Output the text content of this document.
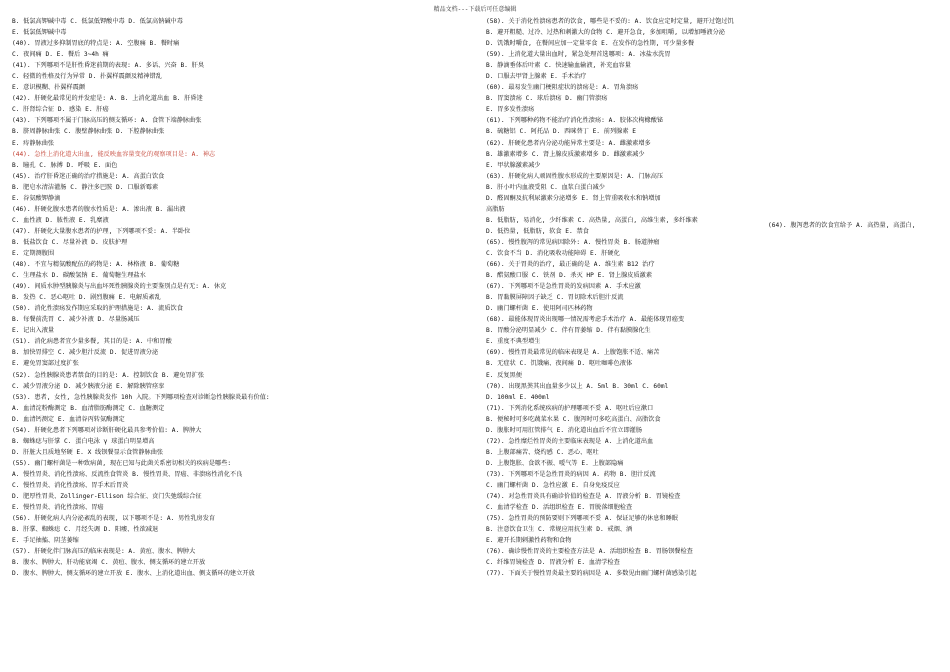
精品文档---下载后可任意编辑
B. 低氯高钾碱中毒 C. 低氯低钾酸中毒 D. 低氯高钠碱中毒
E. 低氯低钾碱中毒
(40). 胃液过多抑制胃底的特点是: A. 空腹痛 B. 餐时痛
C. 夜间痛 D. E. 餐后 3~4h 痛
(41). 下列哪项不是肝性昏迷前期的表现: A. 多话、兴奋 B. 肝臭
C. 轻微的性格及行为异常 D. 扑翼样震颤及精神错乱
E. 意识模糊、扑翼样震颤
(42). 肝硬化最常见的并发症是: A. B. 上消化道出血 B. 肝昏迷
C. 肝肾综合征 D. 感染 E. 肝癌
(43). 下列哪项不属于门脉高压的侧支循环: A. 食管下端静脉曲张
B. 脐周静脉曲张 C. 腹壁静脉曲张 D. 下腔静脉曲张
E. 痔静脉曲张
(44). 急性上消化道大出血, 能反映血容量变化的观察项目是: A. 神志
B. 瞳孔 C. 脉搏 D. 呼吸 E. 面色
(45). 治疗肝昏迷正确的治疗措施是: A. 高蛋白饮食
B. 肥皂水清洁灌肠 C. 静注多巴胺 D. 口服新霉素
E. 谷氨酸钾静滴
(46). 肝硬化腹水患者的腹水性质是: A. 渗出液 B. 漏出液
C. 血性液 D. 脓性液 E. 乳糜液
(47). 肝硬化大量腹水患者的护理, 下列哪项不妥: A. 半卧位
B. 低盐饮食 C. 尽量补液 D. 皮肤护理
E. 定期测腹围
(48). 不宜与精氨酸配伍的药物是: A. 林格液 B. 葡萄糖
C. 生理盐水 D. 碳酸氢钠 E. 葡萄糖生理盐水
(49). 间质水肿型胰腺炎与出血坏死性胰腺炎的主要鉴别点是有无: A. 休克
B. 发热 C. 恶心呕吐 D. 剧烈腹痛 E. 电解质紊乱
(50). 消化性溃疡发作期应采取的护理措施是: A. 流质饮食
B. 每餐前洗胃 C. 减少补液 D. 尽量肠减压
E. 记出入液量
(51). 消化病患者宜少量多餐, 其目的是: A. 中和胃酸
B. 加快胃排空 C. 减少胆汁反流 D. 促进胃液分泌
E. 避免胃窦部过度扩张
(52). 急性胰腺炎患者禁食的目的是: A. 控制饮食 B. 避免胃扩张
C. 减少胃液分泌 D. 减少胰液分泌 E. 解除胰管痉挛
(53). 患者, 女性, 急性胰腺炎发作 10h 入院。下列哪项检查对诊断急性胰腺炎最有价值:
A. 血清淀粉酶测定 B. 血清脂肪酶测定 C. 血糖测定
D. 血清钙测定 E. 血清谷丙转氨酶测定
(54). 肝硬化患者下列哪项对诊断肝硬化最具参考价值: A. 脾肿大
B. 蜘蛛痣与肝掌 C. 蛋白电泳 γ 球蛋白明显增高
D. 肝脏大且质地坚硬 E. X 线钡餐显示食管静脉曲张
(55). 幽门螺杆菌是一种致病菌, 现在已知与此菌关系密切相关的疾病是哪些:
A. 慢性胃炎、消化性溃疡、反流性食管炎 B. 慢性胃炎、胃癌、非溃疡性消化不良
C. 慢性胃炎、消化性溃疡、胃手术后胃炎
D. 肥厚性胃炎、Zollinger-Ellison 综合征、贲门失弛缓综合征
E. 慢性胃炎、消化性溃疡、胃癌
(56). 肝硬化病人内分泌紊乱的表现, 以下哪项不是: A. 男性乳房发育
B. 肝掌、蜘蛛痣 C. 月经失调 D. 阳痿、性欲减退
E. 手足抽搐、阴茎萎缩
(57). 肝硬化伴门脉高压的临床表现是: A. 黄疸、腹水、脾肿大
B. 腹水、脾肿大、肝功能衰竭 C. 黄疸、腹水、侧支循环的建立开放
D. 腹水、脾肿大、侧支循环的建立开放 E. 腹水、上消化道出血、侧支循环的建立开放
(58). 关于消化性溃疡患者的饮食, 哪些是不妥的: A. 饮食应定时定量, 避开过饱过饥
B. 避开粗糙、过冷、过热和刺激大的食物 C. 避开急食, 多加咀嚼, 以增加唾液分泌
D. 饥饿时嚼食, 在餐间应加一定量零食 E. 在发作的急性期, 可少量多餐
(59). 上消化道大量出血时, 紧急处理首选哪项: A. 冰盐水洗胃
B. 静滴垂体后叶素 C. 快速输血输液, 补充血容量
D. 口服去甲肾上腺素 E. 手术治疗
(60). 最易发生幽门梗阻症状的溃疡是: A. 胃角溃疡
B. 胃窦溃疡 C. 球后溃疡 D. 幽门管溃疡
E. 胃多发性溃疡
(61). 下列哪种药物不能治疗消化性溃疡: A. 胶体次枸橼酸铋
B. 硫糖铝 C. 阿托品 D. 西咪替丁 E. 前列腺素 E
(62). 肝硬化患者内分泌功能异常主要是: A. 雌激素增多
B. 雄激素增多 C. 肾上腺皮质激素增多 D. 雌激素减少
E. 甲状腺激素减少
(63). 肝硬化病人顽固性腹水形成的主要原因是: A. 门脉高压
B. 肝小叶内血液受阻 C. 血浆白蛋白减少
D. 醛固酮及抗利尿激素分泌增多 E. 肾上管重吸收水和钠增加
高脂肪
B. 低脂肪, 易消化, 少纤维素 C. 高热量, 高蛋白, 高维生素, 多纤维素
D. 低热量, 低脂肪, 软食 E. 禁食
(65). 慢性腹泻的常见病因除外: A. 慢性胃炎 B. 肠道肿瘤
C. 饮食不当 D. 消化吸收功能障碍 E. 肝硬化
(66). 关于胃炎的治疗, 最正确的是 A. 维生素 B12 治疗
B. 醋氨酸口服 C. 铁剂 D. 杀灭 HP E. 肾上腺皮质激素
(67). 下列哪项不是急性胃炎的发病因素 A. 手术应激
B. 胃黏膜屏障因子缺乏 C. 胃切除术后胆汁反流
D. 幽门螺杆菌 E. 使用阿司匹林药物
(68). 最能体现胃炎出现哪一情况需考虑手术治疗 A. 最能体现胃癌变
B. 胃酸分泌明显减少 C. 伴有胃萎缩 D. 伴有黏膜腺化生
E. 重度不典型增生
(69). 慢性胃炎最常见的临床表现是 A. 上腹饱胀不适、痛苦
B. 无症状 C. 饥饿痛、夜间痛 D. 呕吐咖啡色液体
E. 反复黑便
(70). 出现黑粪其出血量多少以上 A. 5ml B. 30ml C. 60ml
D. 100ml E. 400ml
(71). 下列消化系统疾病的护理哪项不妥 A. 呕吐后应漱口
B. 便秘时可多吃蔬菜水果 C. 腹泻时可多吃高蛋白、高脂饮食
D. 腹胀时可用肛管排气 E. 消化道出血后不宜立即灌肠
(72). 急性糜烂性胃炎的主要临床表现是 A. 上消化道出血
B. 上腹部痛苦、烧灼感 C. 恶心、呕吐
D. 上腹饱胀、食欲不振、嗳气等 E. 上腹部隐痛
(73). 下列哪项不是急性胃炎的病因 A. 药物 B. 胆汁反流
C. 幽门螺杆菌 D. 急性应激 E. 自身免疫反应
(74). 对急性胃炎具有确诊价值的检查是 A. 胃液分析 B. 胃镜检查
C. 血清学检查 D. 活组织检查 E. 胃脱落细胞检查
(75). 急性胃炎的预防要则下列哪项不妥 A. 保证足够的休息和睡眠
B. 注意饮食卫生 C. 常规应用抗生素 D. 戒烟、酒
E. 避开长期刺激性药物和食物
(76). 确诊慢性胃炎的主要检查方法是 A. 活组织检查 B. 胃肠钡餐检查
C. 纤维胃镜检查 D. 胃液分析 E. 血清学检查
(77). 下面关于慢性胃炎最主要的病因是 A. 多数见由幽门螺杆菌感染引起
(64). 腹泻患者的饮食宜给予 A. 高热量, 高蛋白,
